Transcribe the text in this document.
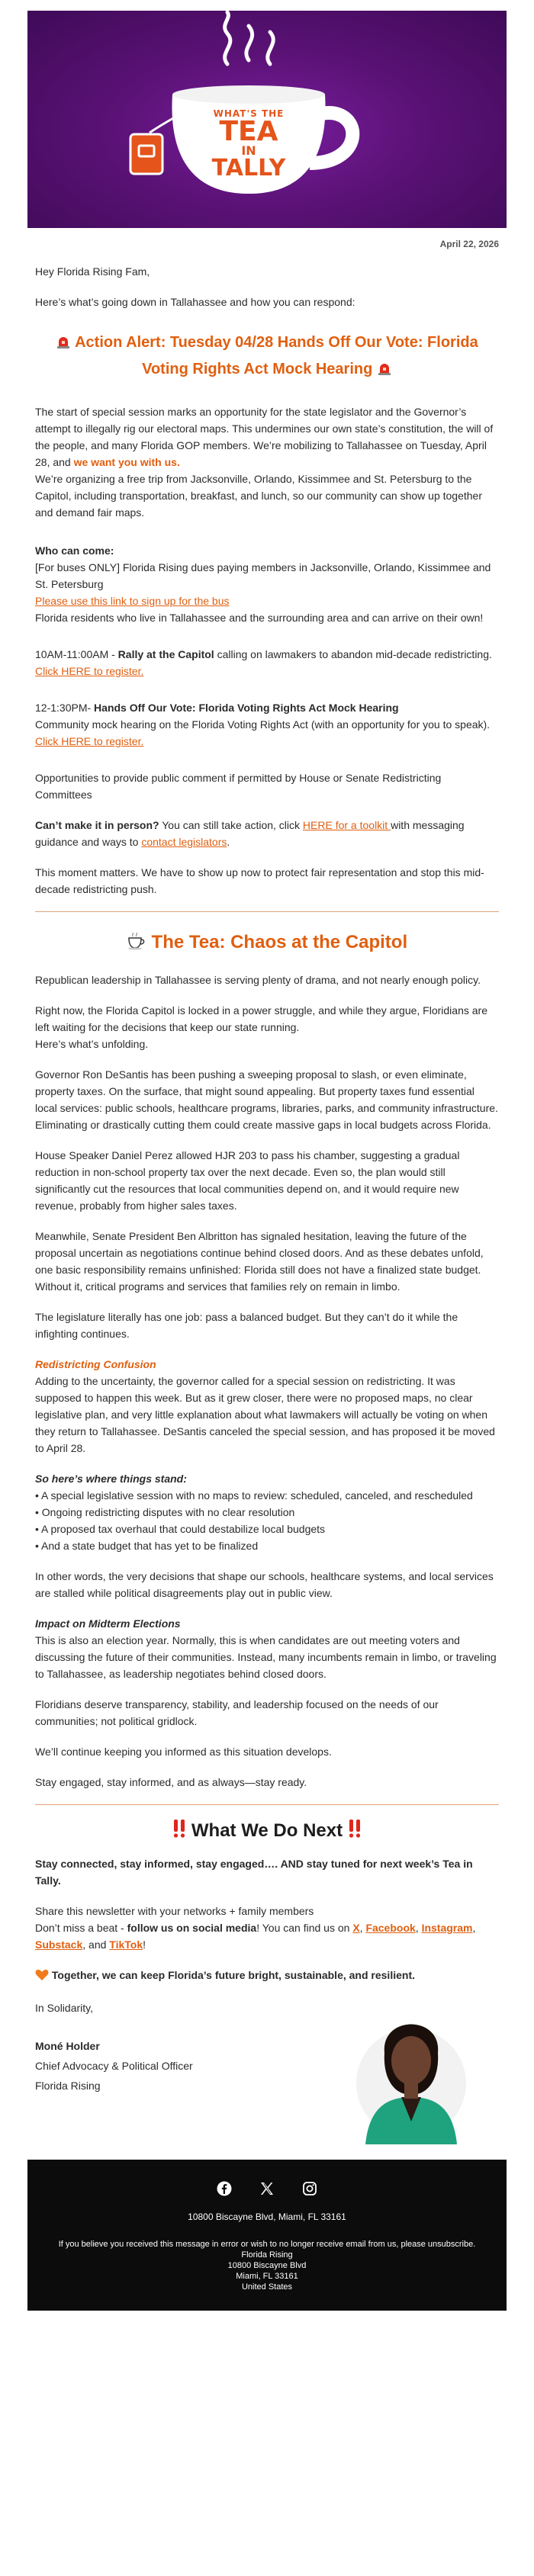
WHAT'S THE
TEA
IN
TALLY
April 22, 2026

Hey Florida Rising Fam,

Here’s what’s going down in Tallahassee and how you can respond:

Action Alert: Tuesday 04/28 Hands Off Our Vote: Florida Voting Rights Act Mock Hearing

The start of special session marks an opportunity for the state legislator and the Governor’s attempt to illegally rig our electoral maps. This undermines our own state’s constitution, the will of the people, and many Florida GOP members. We’re mobilizing to Tallahassee on Tuesday, April 28, and we want you with us.

We’re organizing a free trip from Jacksonville, Orlando, Kissimmee and St. Petersburg to the Capitol, including transportation, breakfast, and lunch, so our community can show up together and demand fair maps.

Who can come:
[For buses ONLY] Florida Rising dues paying members in Jacksonville, Orlando, Kissimmee and St. Petersburg
Please use this link to sign up for the bus
Florida residents who live in Tallahassee and the surrounding area and can arrive on their own!

10AM-11:00AM - Rally at the Capitol calling on lawmakers to abandon mid-decade redistricting. Click HERE to register.

12-1:30PM- Hands Off Our Vote: Florida Voting Rights Act Mock Hearing
Community mock hearing on the Florida Voting Rights Act (with an opportunity for you to speak). Click HERE to register.

Opportunities to provide public comment if permitted by House or Senate Redistricting Committees

Can’t make it in person? You can still take action, click HERE for a toolkit with messaging guidance and ways to contact legislators.

This moment matters. We have to show up now to protect fair representation and stop this mid-decade redistricting push.

The Tea: Chaos at the Capitol

Republican leadership in Tallahassee is serving plenty of drama, and not nearly enough policy.

Right now, the Florida Capitol is locked in a power struggle, and while they argue, Floridians are left waiting for the decisions that keep our state running.
Here’s what’s unfolding.

Governor Ron DeSantis has been pushing a sweeping proposal to slash, or even eliminate, property taxes. On the surface, that might sound appealing. But property taxes fund essential local services: public schools, healthcare programs, libraries, parks, and community infrastructure. Eliminating or drastically cutting them could create massive gaps in local budgets across Florida.

House Speaker Daniel Perez allowed HJR 203 to pass his chamber, suggesting a gradual reduction in non-school property tax over the next decade. Even so, the plan would still significantly cut the resources that local communities depend on, and it would require new revenue, probably from higher sales taxes.

Meanwhile, Senate President Ben Albritton has signaled hesitation, leaving the future of the proposal uncertain as negotiations continue behind closed doors. And as these debates unfold, one basic responsibility remains unfinished: Florida still does not have a finalized state budget. Without it, critical programs and services that families rely on remain in limbo.

The legislature literally has one job: pass a balanced budget. But they can’t do it while the infighting continues.

Redistricting Confusion
Adding to the uncertainty, the governor called for a special session on redistricting. It was supposed to happen this week. But as it grew closer, there were no proposed maps, no clear legislative plan, and very little explanation about what lawmakers will actually be voting on when they return to Tallahassee. DeSantis canceled the special session, and has proposed it be moved to April 28.

So here’s where things stand:
• A special legislative session with no maps to review: scheduled, canceled, and rescheduled
• Ongoing redistricting disputes with no clear resolution
• A proposed tax overhaul that could destabilize local budgets
• And a state budget that has yet to be finalized

In other words, the very decisions that shape our schools, healthcare systems, and local services are stalled while political disagreements play out in public view.

Impact on Midterm Elections
This is also an election year. Normally, this is when candidates are out meeting voters and discussing the future of their communities. Instead, many incumbents remain in limbo, or traveling to Tallahassee, as leadership negotiates behind closed doors.

Floridians deserve transparency, stability, and leadership focused on the needs of our communities; not political gridlock.

We’ll continue keeping you informed as this situation develops.

Stay engaged, stay informed, and as always—stay ready.

What We Do Next

Stay connected, stay informed, stay engaged…. AND stay tuned for next week’s Tea in Tally.

Share this newsletter with your networks + family members
Don’t miss a beat - follow us on social media! You can find us on X, Facebook, Instagram, Substack, and TikTok!

Together, we can keep Florida’s future bright, sustainable, and resilient.

In Solidarity,

Moné Holder
Chief Advocacy & Political Officer
Florida Rising
10800 Biscayne Blvd, Miami, FL 33161
If you believe you received this message in error or wish to no longer receive email from us, please unsubscribe.
Florida Rising
10800 Biscayne Blvd
Miami, FL 33161
United States
